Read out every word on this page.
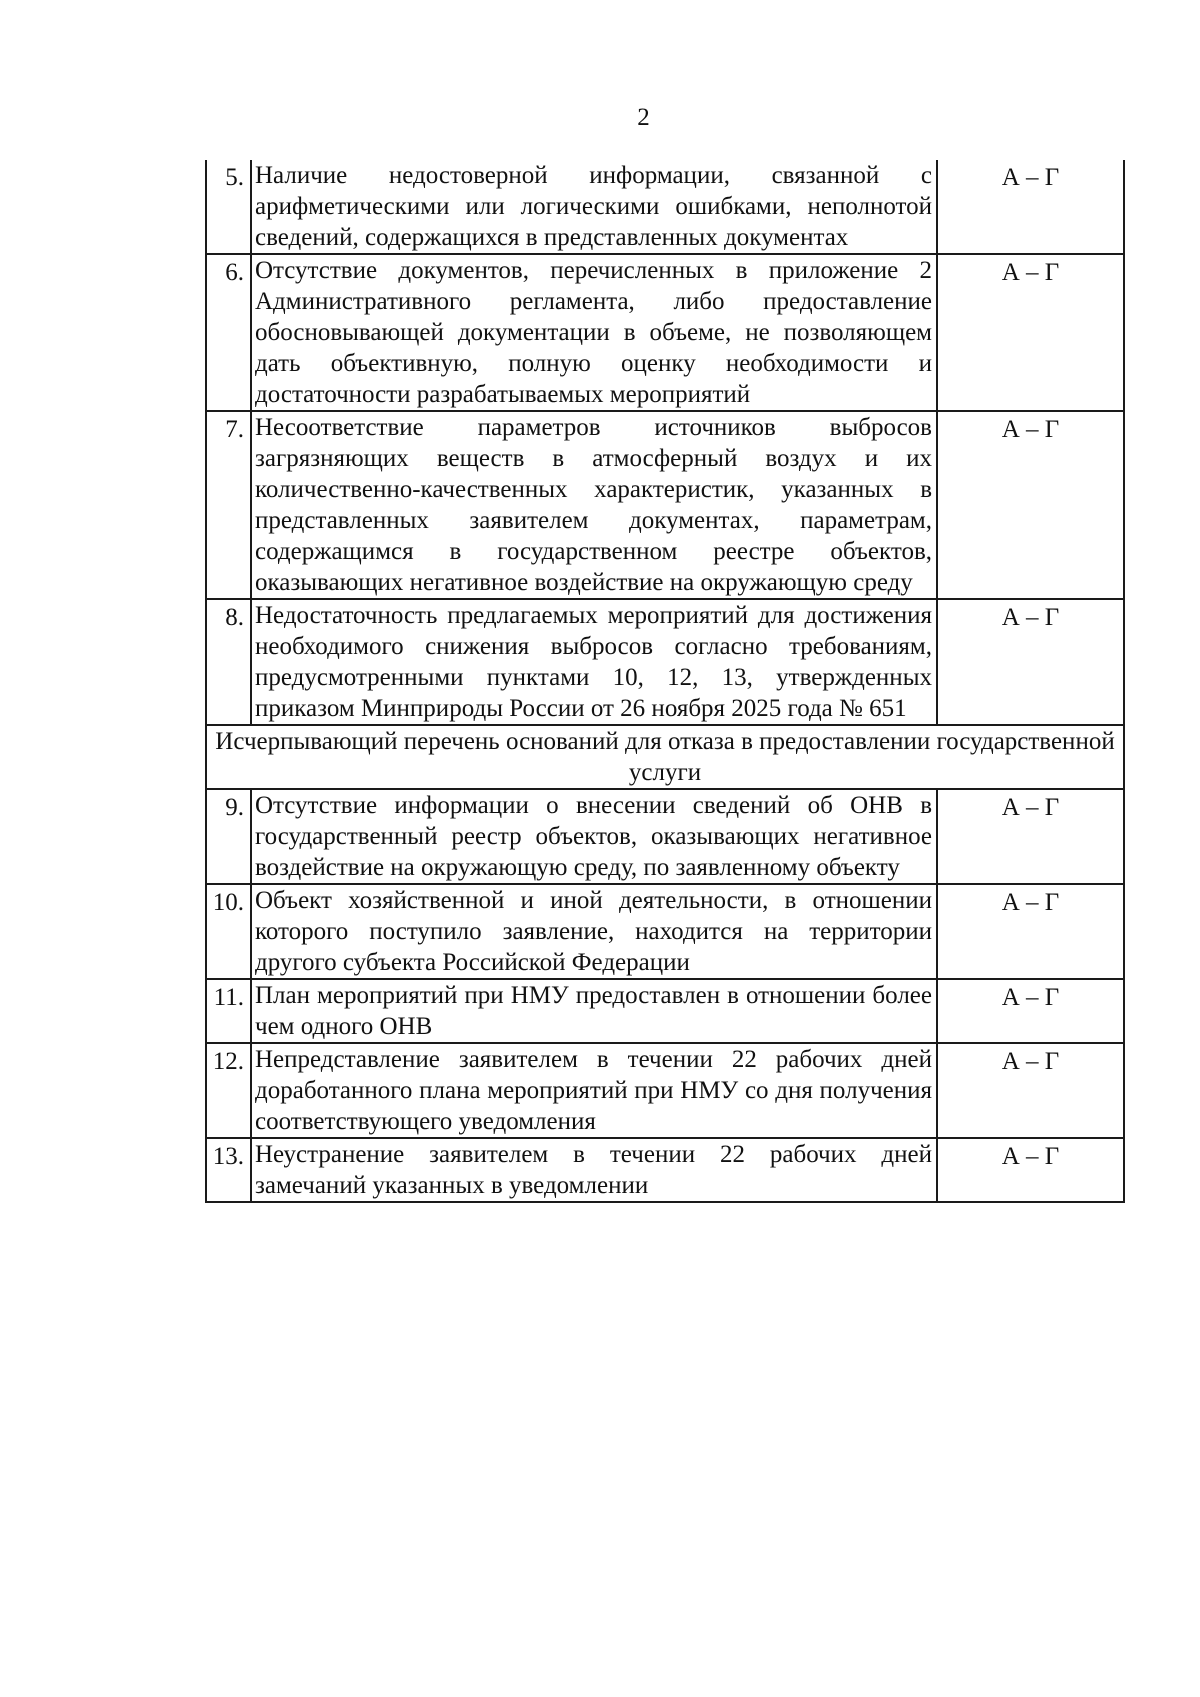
2
5.	Наличие недостоверной информации, связанной с арифметическими или логическими ошибками, неполнотой сведений, содержащихся в представленных документах	А – Г
6.	Отсутствие документов, перечисленных в приложение 2 Административного регламента, либо предоставление обосновывающей документации в объеме, не позволяющем дать объективную, полную оценку необходимости и достаточности разрабатываемых мероприятий	А – Г
7.	Несоответствие параметров источников выбросов загрязняющих веществ в атмосферный воздух и их количественно-качественных характеристик, указанных в представленных заявителем документах, параметрам, содержащимся в государственном реестре объектов, оказывающих негативное воздействие на окружающую среду	А – Г
8.	Недостаточность предлагаемых мероприятий для достижения необходимого снижения выбросов согласно требованиям, предусмотренными пунктами 10, 12, 13, утвержденных приказом Минприроды России от 26 ноября 2025 года № 651	А – Г
Исчерпывающий перечень оснований для отказа в предоставлении государственной услуги		
9.	Отсутствие информации о внесении сведений об ОНВ в государственный реестр объектов, оказывающих негативное воздействие на окружающую среду, по заявленному объекту	А – Г
10.	Объект хозяйственной и иной деятельности, в отношении которого поступило заявление, находится на территории другого субъекта Российской Федерации	А – Г
11.	План мероприятий при НМУ предоставлен в отношении более чем одного ОНВ	А – Г
12.	Непредставление заявителем в течении 22 рабочих дней доработанного плана мероприятий при НМУ со дня получения соответствующего уведомления	А – Г
13.	Неустранение заявителем в течении 22 рабочих дней замечаний указанных в уведомлении	А – Г
